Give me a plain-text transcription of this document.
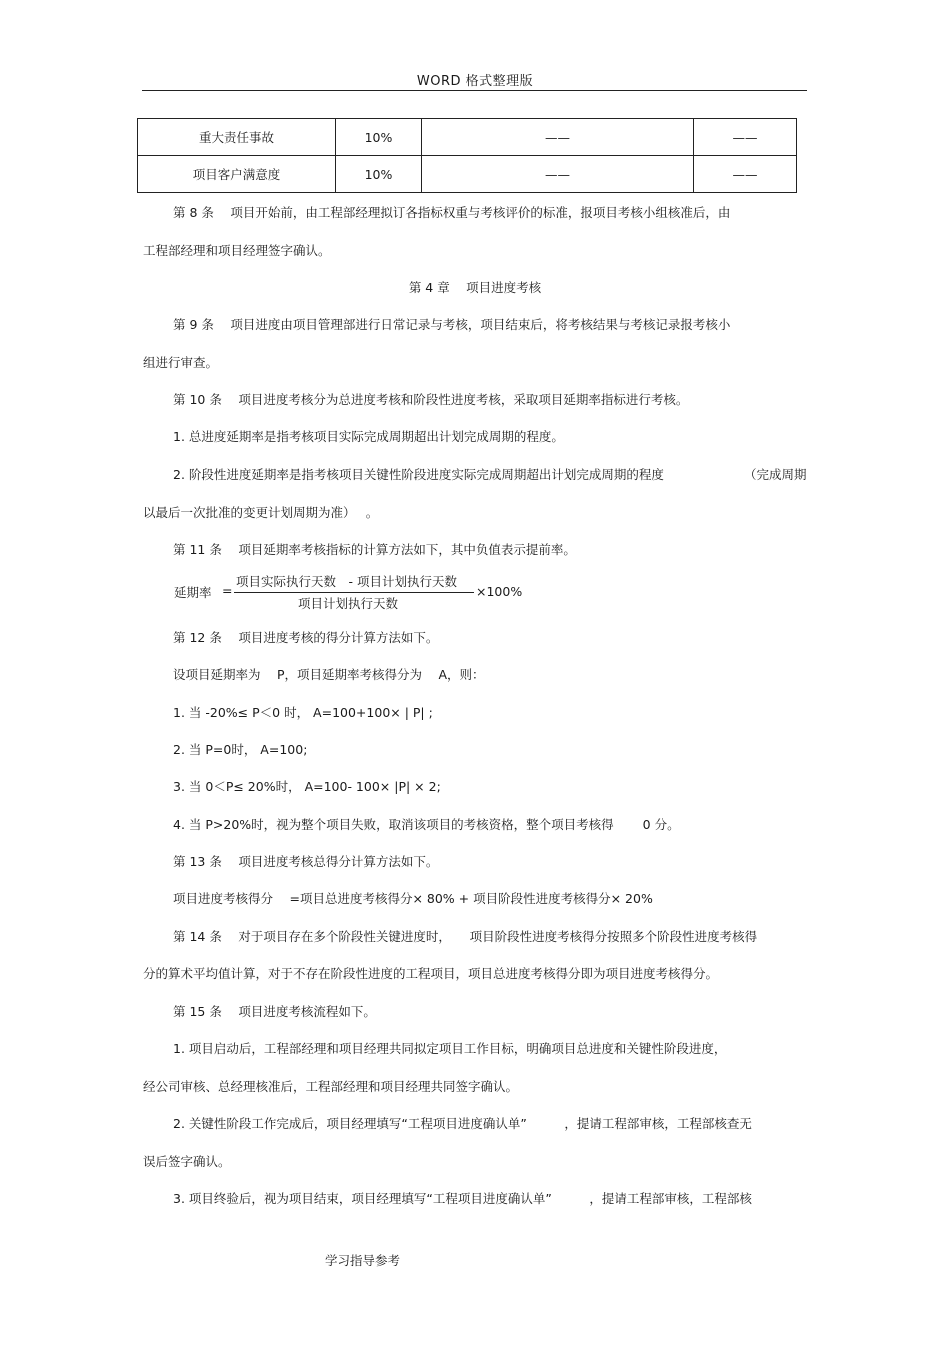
WORD 格式整理版
重大责任事故	10%	——	——
项目客户满意度	10%	——	——
第 8 条　 项目开始前，由工程部经理拟订各指标权重与考核评价的标准，报项目考核小组核准后，由
工程部经理和项目经理签字确认。
第 4 章　 项目进度考核
第 9 条　 项目进度由项目管理部进行日常记录与考核，项目结束后，将考核结果与考核记录报考核小
组进行审查。
第 10 条　 项目进度考核分为总进度考核和阶段性进度考核，采取项目延期率指标进行考核。
1. 总进度延期率是指考核项目实际完成周期超出计划完成周期的程度。
2. 阶段性进度延期率是指考核项目关键性阶段进度实际完成周期超出计划完成周期的程度	（完成周期
以最后一次批准的变更计划周期为准）　 。
第 11 条　 项目延期率考核指标的计算方法如下，其中负值表示提前率。
延期率 =
项目实际执行天数　- 项目计划执行天数
项目计划执行天数
×100%
第 12 条　 项目进度考核的得分计算方法如下。
设项目延期率为　 P，项目延期率考核得分为　 A，则：
1. 当 -20%≤ P＜0 时， A=100+100× | P| ;
2. 当 P=0时， A=100;
3. 当 0＜P≤ 20%时， A=100- 100× |P| × 2;
4. 当 P>20%时，视为整个项目失败，取消该项目的考核资格，整个项目考核得　　 0 分。
第 13 条　 项目进度考核总得分计算方法如下。
项目进度考核得分　 =项目总进度考核得分× 80% + 项目阶段性进度考核得分× 20%
第 14 条　 对于项目存在多个阶段性关键进度时，　　项目阶段性进度考核得分按照多个阶段性进度考核得
分的算术平均值计算，对于不存在阶段性进度的工程项目，项目总进度考核得分即为项目进度考核得分。
第 15 条　 项目进度考核流程如下。
1. 项目启动后，工程部经理和项目经理共同拟定项目工作目标，明确项目总进度和关键性阶段进度，
经公司审核、总经理核准后，工程部经理和项目经理共同签字确认。
2. 关键性阶段工作完成后，项目经理填写“工程项目进度确认单”　　　，提请工程部审核，工程部核查无
误后签字确认。
3. 项目终验后，视为项目结束，项目经理填写“工程项目进度确认单”　　　，提请工程部审核，工程部核
学习指导参考
